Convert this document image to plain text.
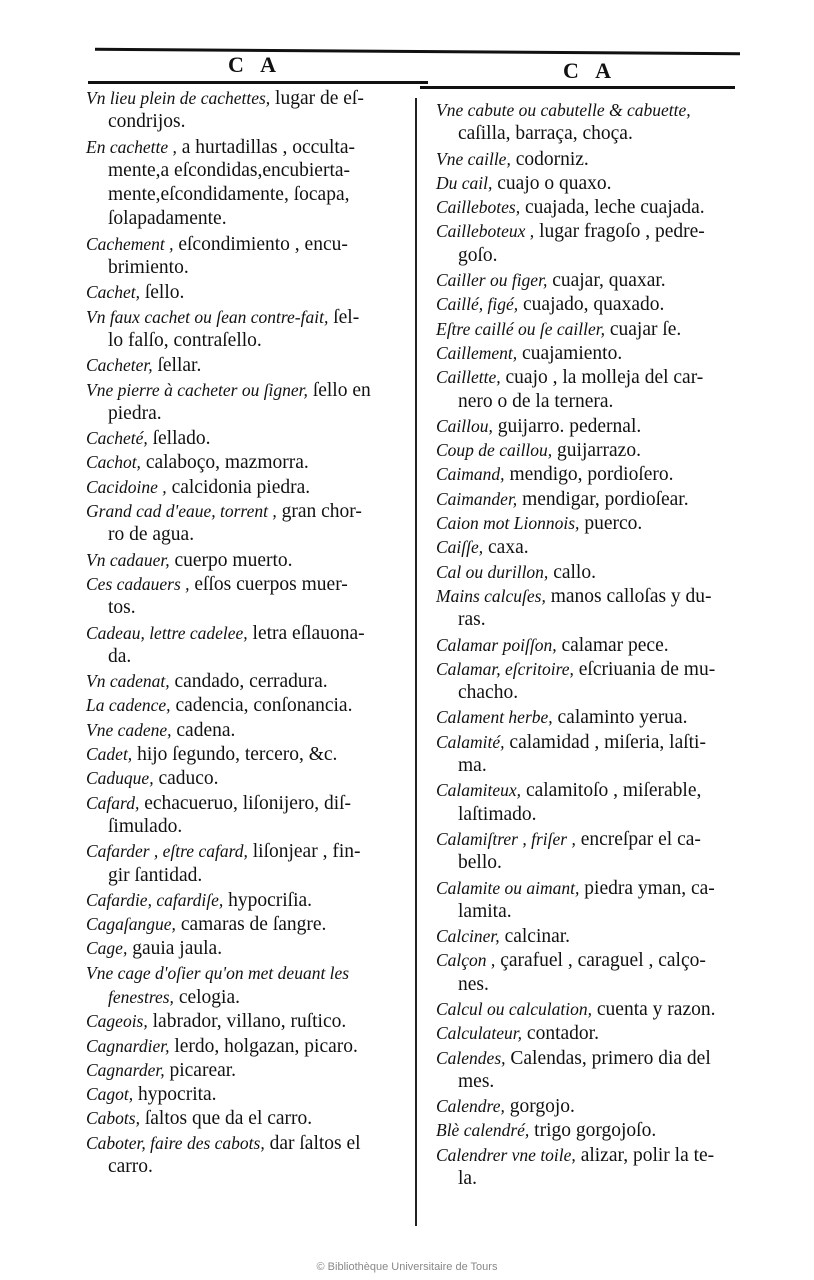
C A	C A
Vn lieu plein de cachettes, lugar de eſ-
condrijos.
En cachette , a hurtadillas , occulta-
mente,a eſcondidas,encubierta-
mente,eſcondidamente, ſocapa,
ſolapadamente.
Cachement , eſcondimiento , encu-
brimiento.
Cachet, ſello.
Vn faux cachet ou ſean contre-fait, ſel-
lo falſo, contraſello.
Cacheter, ſellar.
Vne pierre à cacheter ou ſigner, ſello en
piedra.
Cacheté, ſellado.
Cachot, calaboço, mazmorra.
Cacidoine , calcidonia piedra.
Grand cad d'eaue, torrent , gran chor-
ro de agua.
Vn cadauer, cuerpo muerto.
Ces cadauers , eſſos cuerpos muer-
tos.
Cadeau, lettre cadelee, letra eſlauona-
da.
Vn cadenat, candado, cerradura.
La cadence, cadencia, conſonancia.
Vne cadene, cadena.
Cadet, hijo ſegundo, tercero, &c.
Caduque, caduco.
Cafard, echacueruo, liſonijero, diſ-
ſimulado.
Cafarder , eſtre cafard, liſonjear , fin-
gir ſantidad.
Cafardie, cafardiſe, hypocriſia.
Cagaſangue, camaras de ſangre.
Cage, gauia jaula.
Vne cage d'oſier qu'on met deuant les
fenestres, celogia.
Cageois, labrador, villano, ruſtico.
Cagnardier, lerdo, holgazan, picaro.
Cagnarder, picarear.
Cagot, hypocrita.
Cabots, ſaltos que da el carro.
Caboter, faire des cabots, dar ſaltos el
carro.
Vne cabute ou cabutelle & cabuette,
caſilla, barraça, choça.
Vne caille, codorniz.
Du cail, cuajo o quaxo.
Caillebotes, cuajada, leche cuajada.
Cailleboteux , lugar fragoſo , pedre-
goſo.
Cailler ou figer, cuajar, quaxar.
Caillé, figé, cuajado, quaxado.
Eſtre caillé ou ſe cailler, cuajar ſe.
Caillement, cuajamiento.
Caillette, cuajo , la molleja del car-
nero o de la ternera.
Caillou, guijarro. pedernal.
Coup de caillou, guijarrazo.
Caimand, mendigo, pordioſero.
Caimander, mendigar, pordioſear.
Caion mot Lionnois, puerco.
Caiſſe, caxa.
Cal ou durillon, callo.
Mains calcuſes, manos calloſas y du-
ras.
Calamar poiſſon, calamar pece.
Calamar, eſcritoire, eſcriuania de mu-
chacho.
Calament herbe, calaminto yerua.
Calamité, calamidad , miſeria, laſti-
ma.
Calamiteux, calamitoſo , miſerable,
laſtimado.
Calamiſtrer , friſer , encreſpar el ca-
bello.
Calamite ou aimant, piedra yman, ca-
lamita.
Calciner, calcinar.
Calçon , çarafuel , caraguel , calço-
nes.
Calcul ou calculation, cuenta y razon.
Calculateur, contador.
Calendes, Calendas, primero dia del
mes.
Calendre, gorgojo.
Blè calendré, trigo gorgojoſo.
Calendrer vne toile, alizar, polir la te-
la.
© Bibliothèque Universitaire de Tours
